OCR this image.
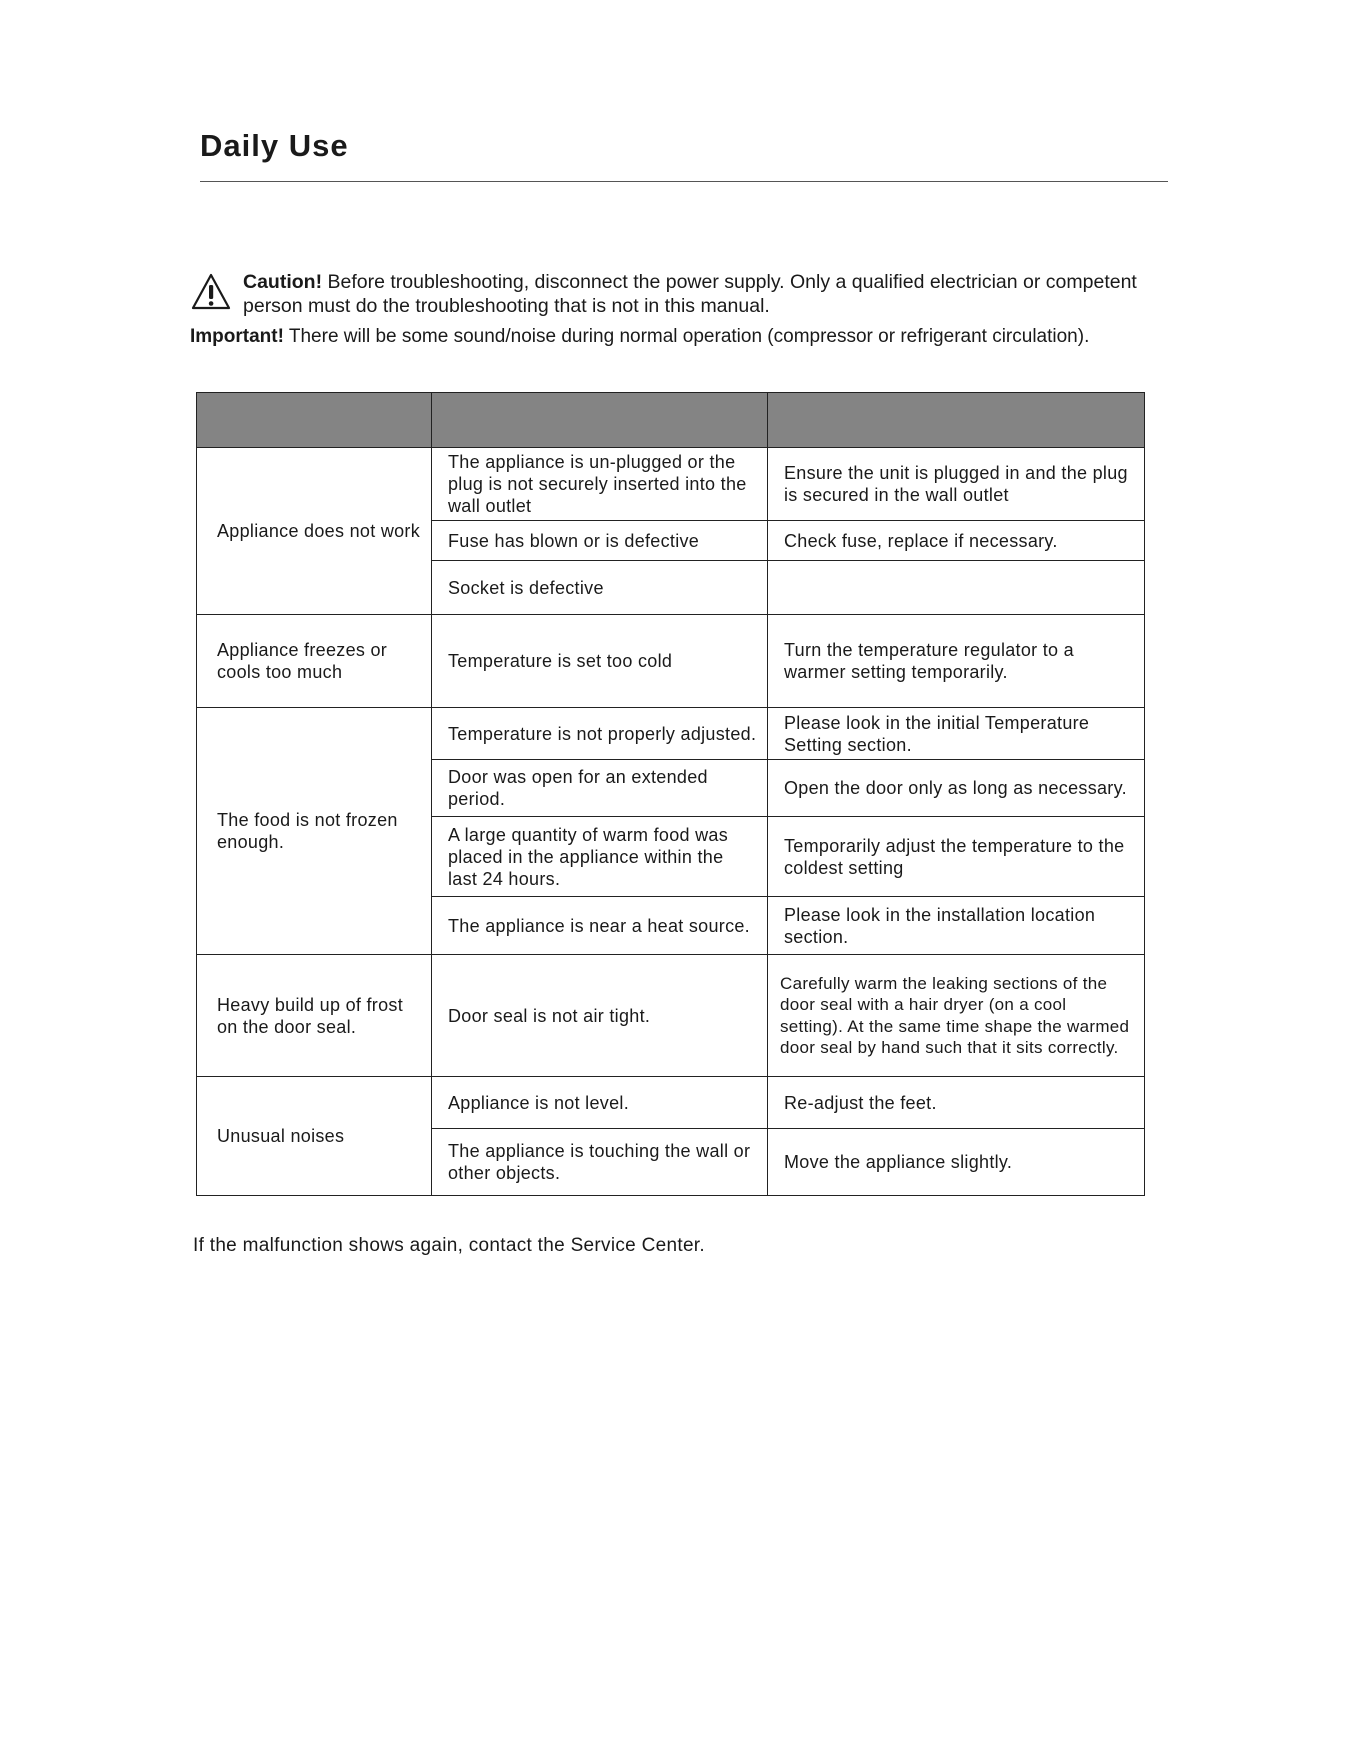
Daily Use
Caution! Before troubleshooting, disconnect the power supply. Only a qualified electrician or competent person must do the troubleshooting that is not in this manual.
Important! There will be some sound/noise during normal operation (compressor or refrigerant circulation).

Appliance does not work	The appliance is un-plugged or the plug is not securely inserted into the wall outlet	Ensure the unit is plugged in and the plug is secured in the wall outlet
	Fuse has blown or is defective	Check fuse, replace if necessary.
	Socket is defective	
Appliance freezes or cools too much	Temperature is set too cold	Turn the temperature regulator to a warmer setting temporarily.
The food is not frozen enough.	Temperature is not properly adjusted.	Please look in the initial Temperature Setting section.
	Door was open for an extended period.	Open the door only as long as necessary.
	A large quantity of warm food was placed in the appliance within the last 24 hours.	Temporarily adjust the temperature to the coldest setting
	The appliance is near a heat source.	Please look in the installation location section.
Heavy build up of frost on the door seal.	Door seal is not air tight.	Carefully warm the leaking sections of the door seal with a hair dryer (on a cool setting). At the same time shape the warmed door seal by hand such that it sits correctly.
Unusual noises	Appliance is not level.	Re-adjust the feet.
	The appliance is touching the wall or other objects.	Move the appliance slightly.
If the malfunction shows again, contact the Service Center.
